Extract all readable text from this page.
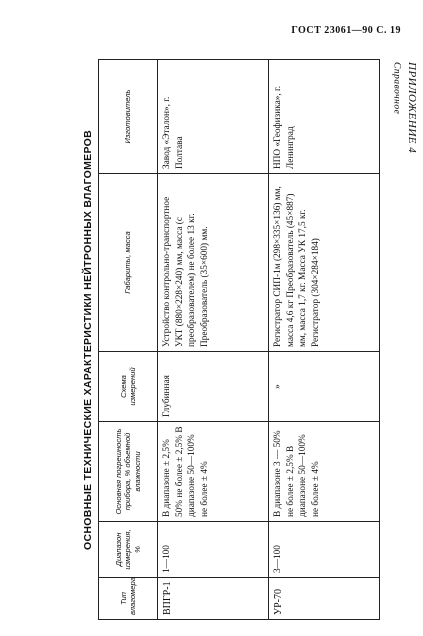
ГОСТ 23061—90 С. 19
ПРИЛОЖЕНИЕ 4
Справочное
ОСНОВНЫЕ ТЕХНИЧЕСКИЕ ХАРАКТЕРИСТИКИ НЕЙТРОННЫХ ВЛАГОМЕРОВ
Тип влагомера	Диапазон измерения, %	Основная погрешность прибора, % объемной влажности	Схема измерений	Габариты, масса	Изготовитель
ВПГР-1	1—100	В диапазоне ± 2,5% 50% не более ± 2,5% В диапазоне 50—100% не более ± 4%	Глубинная	Устройство контрольно-транспортное УКТ (880×228×240) мм, масса (с преобразователем) не более 13 кг. Преобразователь (35×600) мм.	Завод «Эталон», г. Полтава
УР-70	3—100	В диапазоне 3 — 50% не более ± 2,5% В диапазоне 50—100% не более ± 4%	»	Регистратор СИП-1м (298×335×136) мм, масса 4,6 кг Преобразователь (45×887) мм, масса 1,7 кг. Масса УК 17,5 кг. Регистратор (304×284×184)	НПО «Геофизика», г. Ленинград
